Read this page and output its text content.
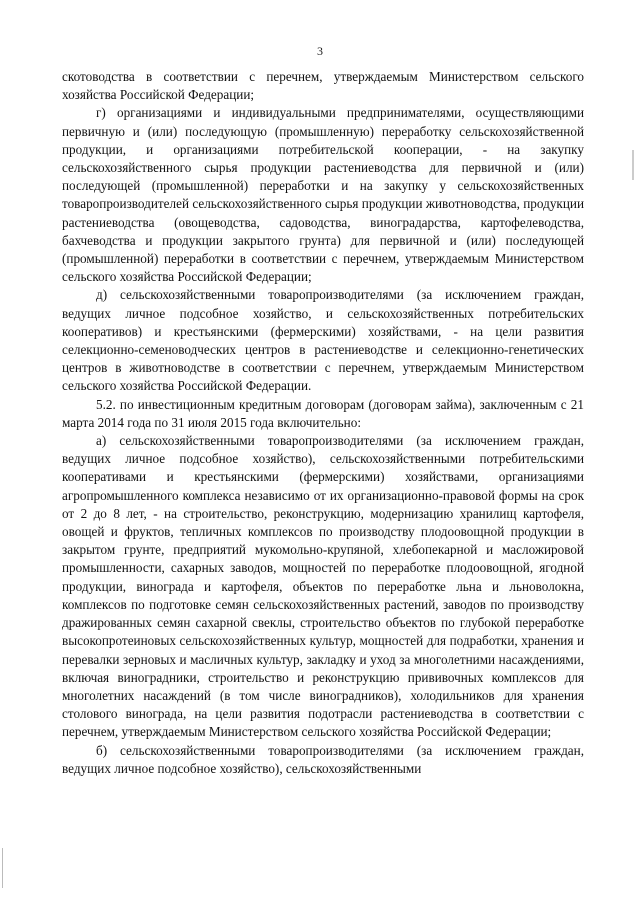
3

скотоводства в соответствии с перечнем, утверждаемым Министерством сельского хозяйства Российской Федерации;

г) организациями и индивидуальными предпринимателями, осуществляющими первичную и (или) последующую (промышленную) переработку сельскохозяйственной продукции, и организациями потребительской кооперации, - на закупку сельскохозяйственного сырья продукции растениеводства для первичной и (или) последующей (промышленной) переработки и на закупку у сельскохозяйственных товаропроизводителей сельскохозяйственного сырья продукции животноводства, продукции растениеводства (овощеводства, садоводства, виноградарства, картофелеводства, бахчеводства и продукции закрытого грунта) для первичной и (или) последующей (промышленной) переработки в соответствии с перечнем, утверждаемым Министерством сельского хозяйства Российской Федерации;

д) сельскохозяйственными товаропроизводителями (за исключением граждан, ведущих личное подсобное хозяйство, и сельскохозяйственных потребительских кооперативов) и крестьянскими (фермерскими) хозяйствами, - на цели развития селекционно-семеноводческих центров в растениеводстве и селекционно-генетических центров в животноводстве в соответствии с перечнем, утверждаемым Министерством сельского хозяйства Российской Федерации.

5.2. по инвестиционным кредитным договорам (договорам займа), заключенным с 21 марта 2014 года по 31 июля 2015 года включительно:

а) сельскохозяйственными товаропроизводителями (за исключением граждан, ведущих личное подсобное хозяйство), сельскохозяйственными потребительскими кооперативами и крестьянскими (фермерскими) хозяйствами, организациями агропромышленного комплекса независимо от их организационно-правовой формы на срок от 2 до 8 лет, - на строительство, реконструкцию, модернизацию хранилищ картофеля, овощей и фруктов, тепличных комплексов по производству плодоовощной продукции в закрытом грунте, предприятий мукомольно-крупяной, хлебопекарной и масложировой промышленности, сахарных заводов, мощностей по переработке плодоовощной, ягодной продукции, винограда и картофеля, объектов по переработке льна и льноволокна, комплексов по подготовке семян сельскохозяйственных растений, заводов по производству дражированных семян сахарной свеклы, строительство объектов по глубокой переработке высокопротеиновых сельскохозяйственных культур, мощностей для подработки, хранения и перевалки зерновых и масличных культур, закладку и уход за многолетними насаждениями, включая виноградники, строительство и реконструкцию прививочных комплексов для многолетних насаждений (в том числе виноградников), холодильников для хранения столового винограда, на цели развития подотрасли растениеводства в соответствии с перечнем, утверждаемым Министерством сельского хозяйства Российской Федерации;

б) сельскохозяйственными товаропроизводителями (за исключением граждан, ведущих личное подсобное хозяйство), сельскохозяйственными
